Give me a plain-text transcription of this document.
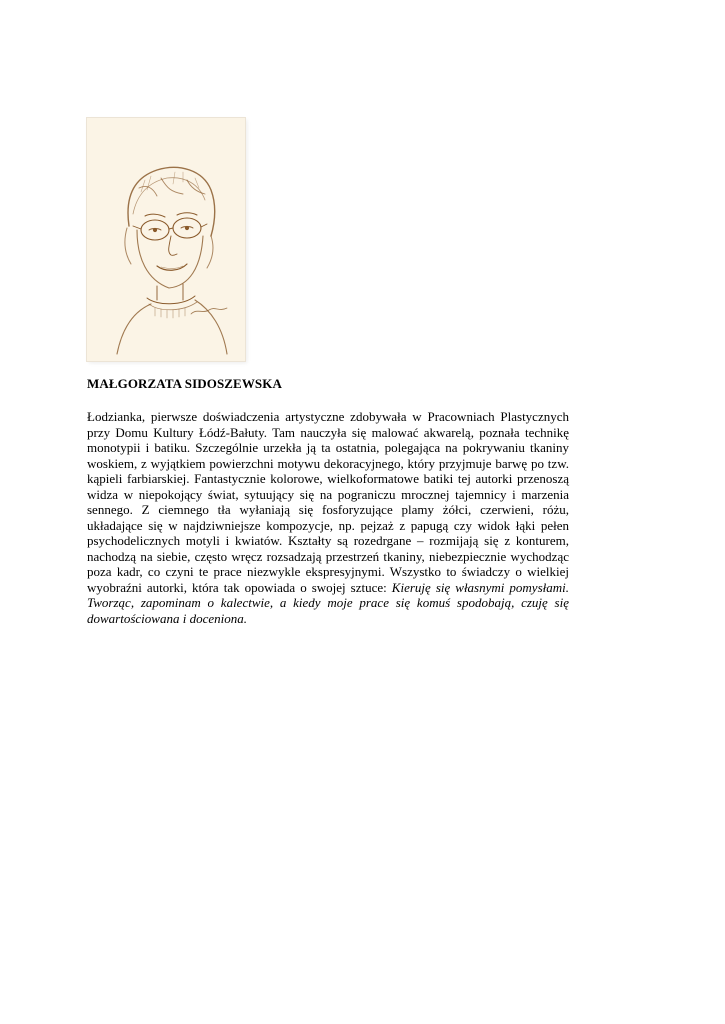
MAŁGORZATA SIDOSZEWSKA

Łodzianka, pierwsze doświadczenia artystyczne zdobywała w Pracowniach Plastycznych przy Domu Kultury Łódź-Bałuty. Tam nauczyła się malować akwarelą, poznała technikę monotypii i batiku. Szczególnie urzekła ją ta ostatnia, polegająca na pokrywaniu tkaniny woskiem, z wyjątkiem powierzchni motywu dekoracyjnego, który przyjmuje barwę po tzw. kąpieli farbiarskiej. Fantastycznie kolorowe, wielkoformatowe batiki tej autorki przenoszą widza w niepokojący świat, sytuujący się na pograniczu mrocznej tajemnicy i marzenia sennego. Z ciemnego tła wyłaniają się fosforyzujące plamy żółci, czerwieni, różu, układające się w najdziwniejsze kompozycje, np. pejzaż z papugą czy widok łąki pełen psychodelicznych motyli i kwiatów. Kształty są rozedrgane – rozmijają się z konturem, nachodzą na siebie, często wręcz rozsadzają przestrzeń tkaniny, niebezpiecznie wychodząc poza kadr, co czyni te prace niezwykle ekspresyjnymi. Wszystko to świadczy o wielkiej wyobraźni autorki, która tak opowiada o swojej sztuce: Kieruję się własnymi pomysłami. Tworząc, zapominam o kalectwie, a kiedy moje prace się komuś spodobają, czuję się dowartościowana i doceniona.
